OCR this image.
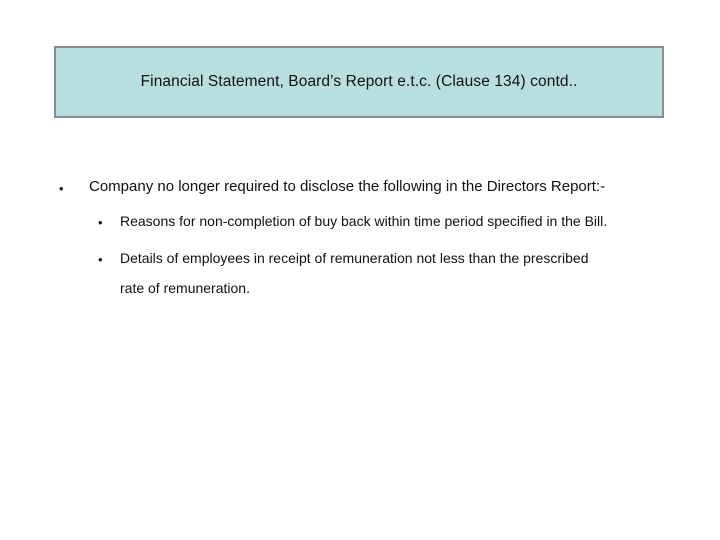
Financial Statement, Board’s Report e.t.c. (Clause 134) contd..
• Company no longer required to disclose the following in the Directors Report:-
• Reasons for non-completion of buy back within time period specified in the Bill.
• Details of employees in receipt of remuneration not less than the prescribed
rate of remuneration.
